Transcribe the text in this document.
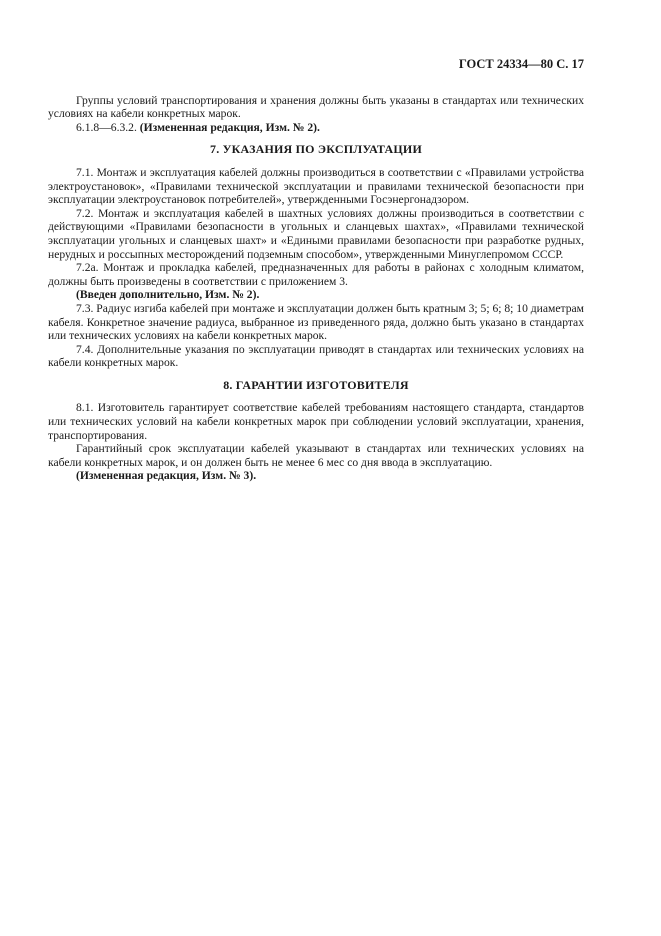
ГОСТ 24334—80 С. 17

Группы условий транспортирования и хранения должны быть указаны в стандартах или технических условиях на кабели конкретных марок.

6.1.8—6.3.2. (Измененная редакция, Изм. № 2).

7. УКАЗАНИЯ ПО ЭКСПЛУАТАЦИИ

7.1. Монтаж и эксплуатация кабелей должны производиться в соответствии с «Правилами устройства электроустановок», «Правилами технической эксплуатации и правилами технической безопасности при эксплуатации электроустановок потребителей», утвержденными Госэнергонадзором.

7.2. Монтаж и эксплуатация кабелей в шахтных условиях должны производиться в соответствии с действующими «Правилами безопасности в угольных и сланцевых шахтах», «Правилами технической эксплуатации угольных и сланцевых шахт» и «Едиными правилами безопасности при разработке рудных, нерудных и россыпных месторождений подземным способом», утвержденными Минуглепромом СССР.

7.2а. Монтаж и прокладка кабелей, предназначенных для работы в районах с холодным климатом, должны быть произведены в соответствии с приложением 3.

(Введен дополнительно, Изм. № 2).

7.3. Радиус изгиба кабелей при монтаже и эксплуатации должен быть кратным 3; 5; 6; 8; 10 диаметрам кабеля. Конкретное значение радиуса, выбранное из приведенного ряда, должно быть указано в стандартах или технических условиях на кабели конкретных марок.

7.4. Дополнительные указания по эксплуатации приводят в стандартах или технических условиях на кабели конкретных марок.

8. ГАРАНТИИ ИЗГОТОВИТЕЛЯ

8.1. Изготовитель гарантирует соответствие кабелей требованиям настоящего стандарта, стандартов или технических условий на кабели конкретных марок при соблюдении условий эксплуатации, хранения, транспортирования.

Гарантийный срок эксплуатации кабелей указывают в стандартах или технических условиях на кабели конкретных марок, и он должен быть не менее 6 мес со дня ввода в эксплуатацию.

(Измененная редакция, Изм. № 3).
